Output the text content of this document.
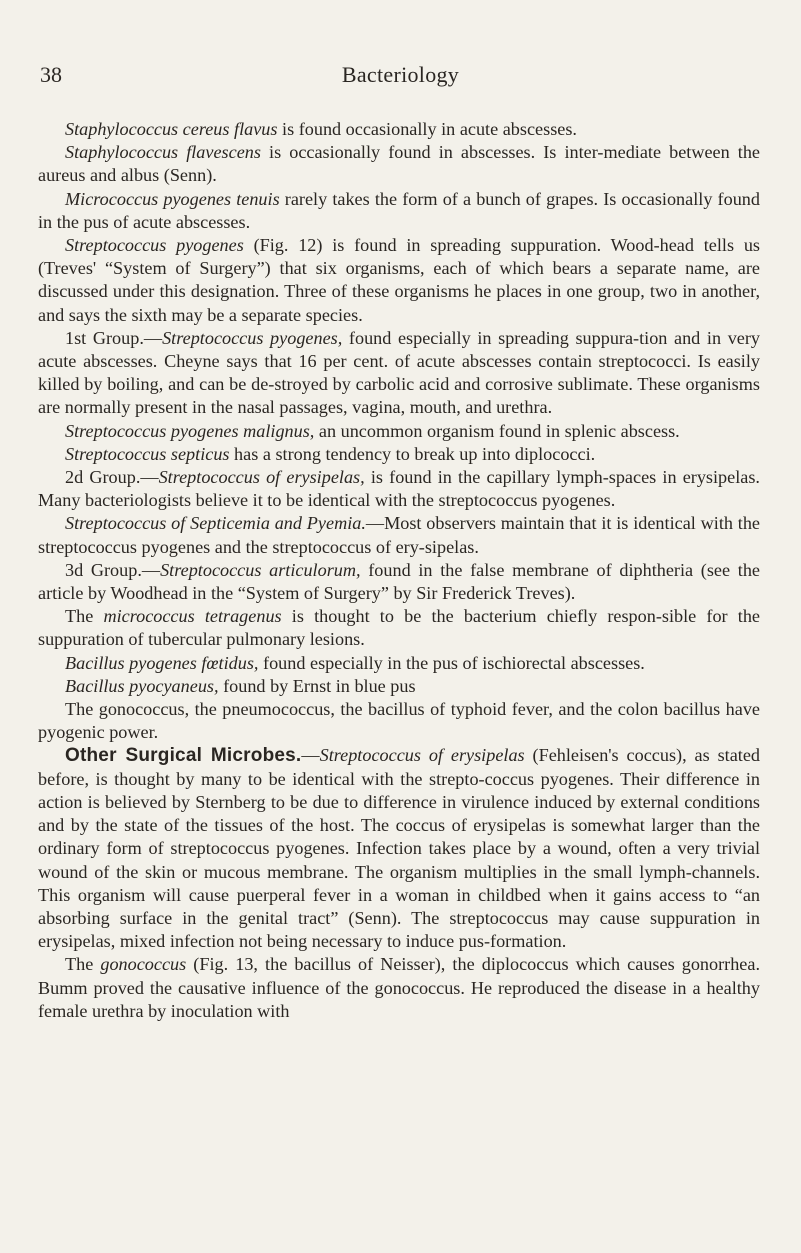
38	Bacteriology

Staphylococcus cereus flavus is found occasionally in acute abscesses.

Staphylococcus flavescens is occasionally found in abscesses. Is inter-mediate between the aureus and albus (Senn).

Micrococcus pyogenes tenuis rarely takes the form of a bunch of grapes. Is occasionally found in the pus of acute abscesses.

Streptococcus pyogenes (Fig. 12) is found in spreading suppuration. Wood-head tells us (Treves' “System of Surgery”) that six organisms, each of which bears a separate name, are discussed under this designation. Three of these organisms he places in one group, two in another, and says the sixth may be a separate species.

1st Group.—Streptococcus pyogenes, found especially in spreading suppura-tion and in very acute abscesses. Cheyne says that 16 per cent. of acute abscesses contain streptococci. Is easily killed by boiling, and can be de-stroyed by carbolic acid and corrosive sublimate. These organisms are normally present in the nasal passages, vagina, mouth, and urethra.

Streptococcus pyogenes malignus, an uncommon organism found in splenic abscess.

Streptococcus septicus has a strong tendency to break up into diplococci.

2d Group.—Streptococcus of erysipelas, is found in the capillary lymph-spaces in erysipelas. Many bacteriologists believe it to be identical with the streptococcus pyogenes.

Streptococcus of Septicemia and Pyemia.—Most observers maintain that it is identical with the streptococcus pyogenes and the streptococcus of ery-sipelas.

3d Group.—Streptococcus articulorum, found in the false membrane of diphtheria (see the article by Woodhead in the “System of Surgery” by Sir Frederick Treves).

The micrococcus tetragenus is thought to be the bacterium chiefly respon-sible for the suppuration of tubercular pulmonary lesions.

Bacillus pyogenes fœtidus, found especially in the pus of ischiorectal abscesses.

Bacillus pyocyaneus, found by Ernst in blue pus

The gonococcus, the pneumococcus, the bacillus of typhoid fever, and the colon bacillus have pyogenic power.

Other Surgical Microbes.—Streptococcus of erysipelas (Fehleisen's coccus), as stated before, is thought by many to be identical with the strepto-coccus pyogenes. Their difference in action is believed by Sternberg to be due to difference in virulence induced by external conditions and by the state of the tissues of the host. The coccus of erysipelas is somewhat larger than the ordinary form of streptococcus pyogenes. Infection takes place by a wound, often a very trivial wound of the skin or mucous membrane. The organism multiplies in the small lymph-channels. This organism will cause puerperal fever in a woman in childbed when it gains access to “an absorbing surface in the genital tract” (Senn). The streptococcus may cause suppuration in erysipelas, mixed infection not being necessary to induce pus-formation.

The gonococcus (Fig. 13, the bacillus of Neisser), the diplococcus which causes gonorrhea. Bumm proved the causative influence of the gonococcus. He reproduced the disease in a healthy female urethra by inoculation with
